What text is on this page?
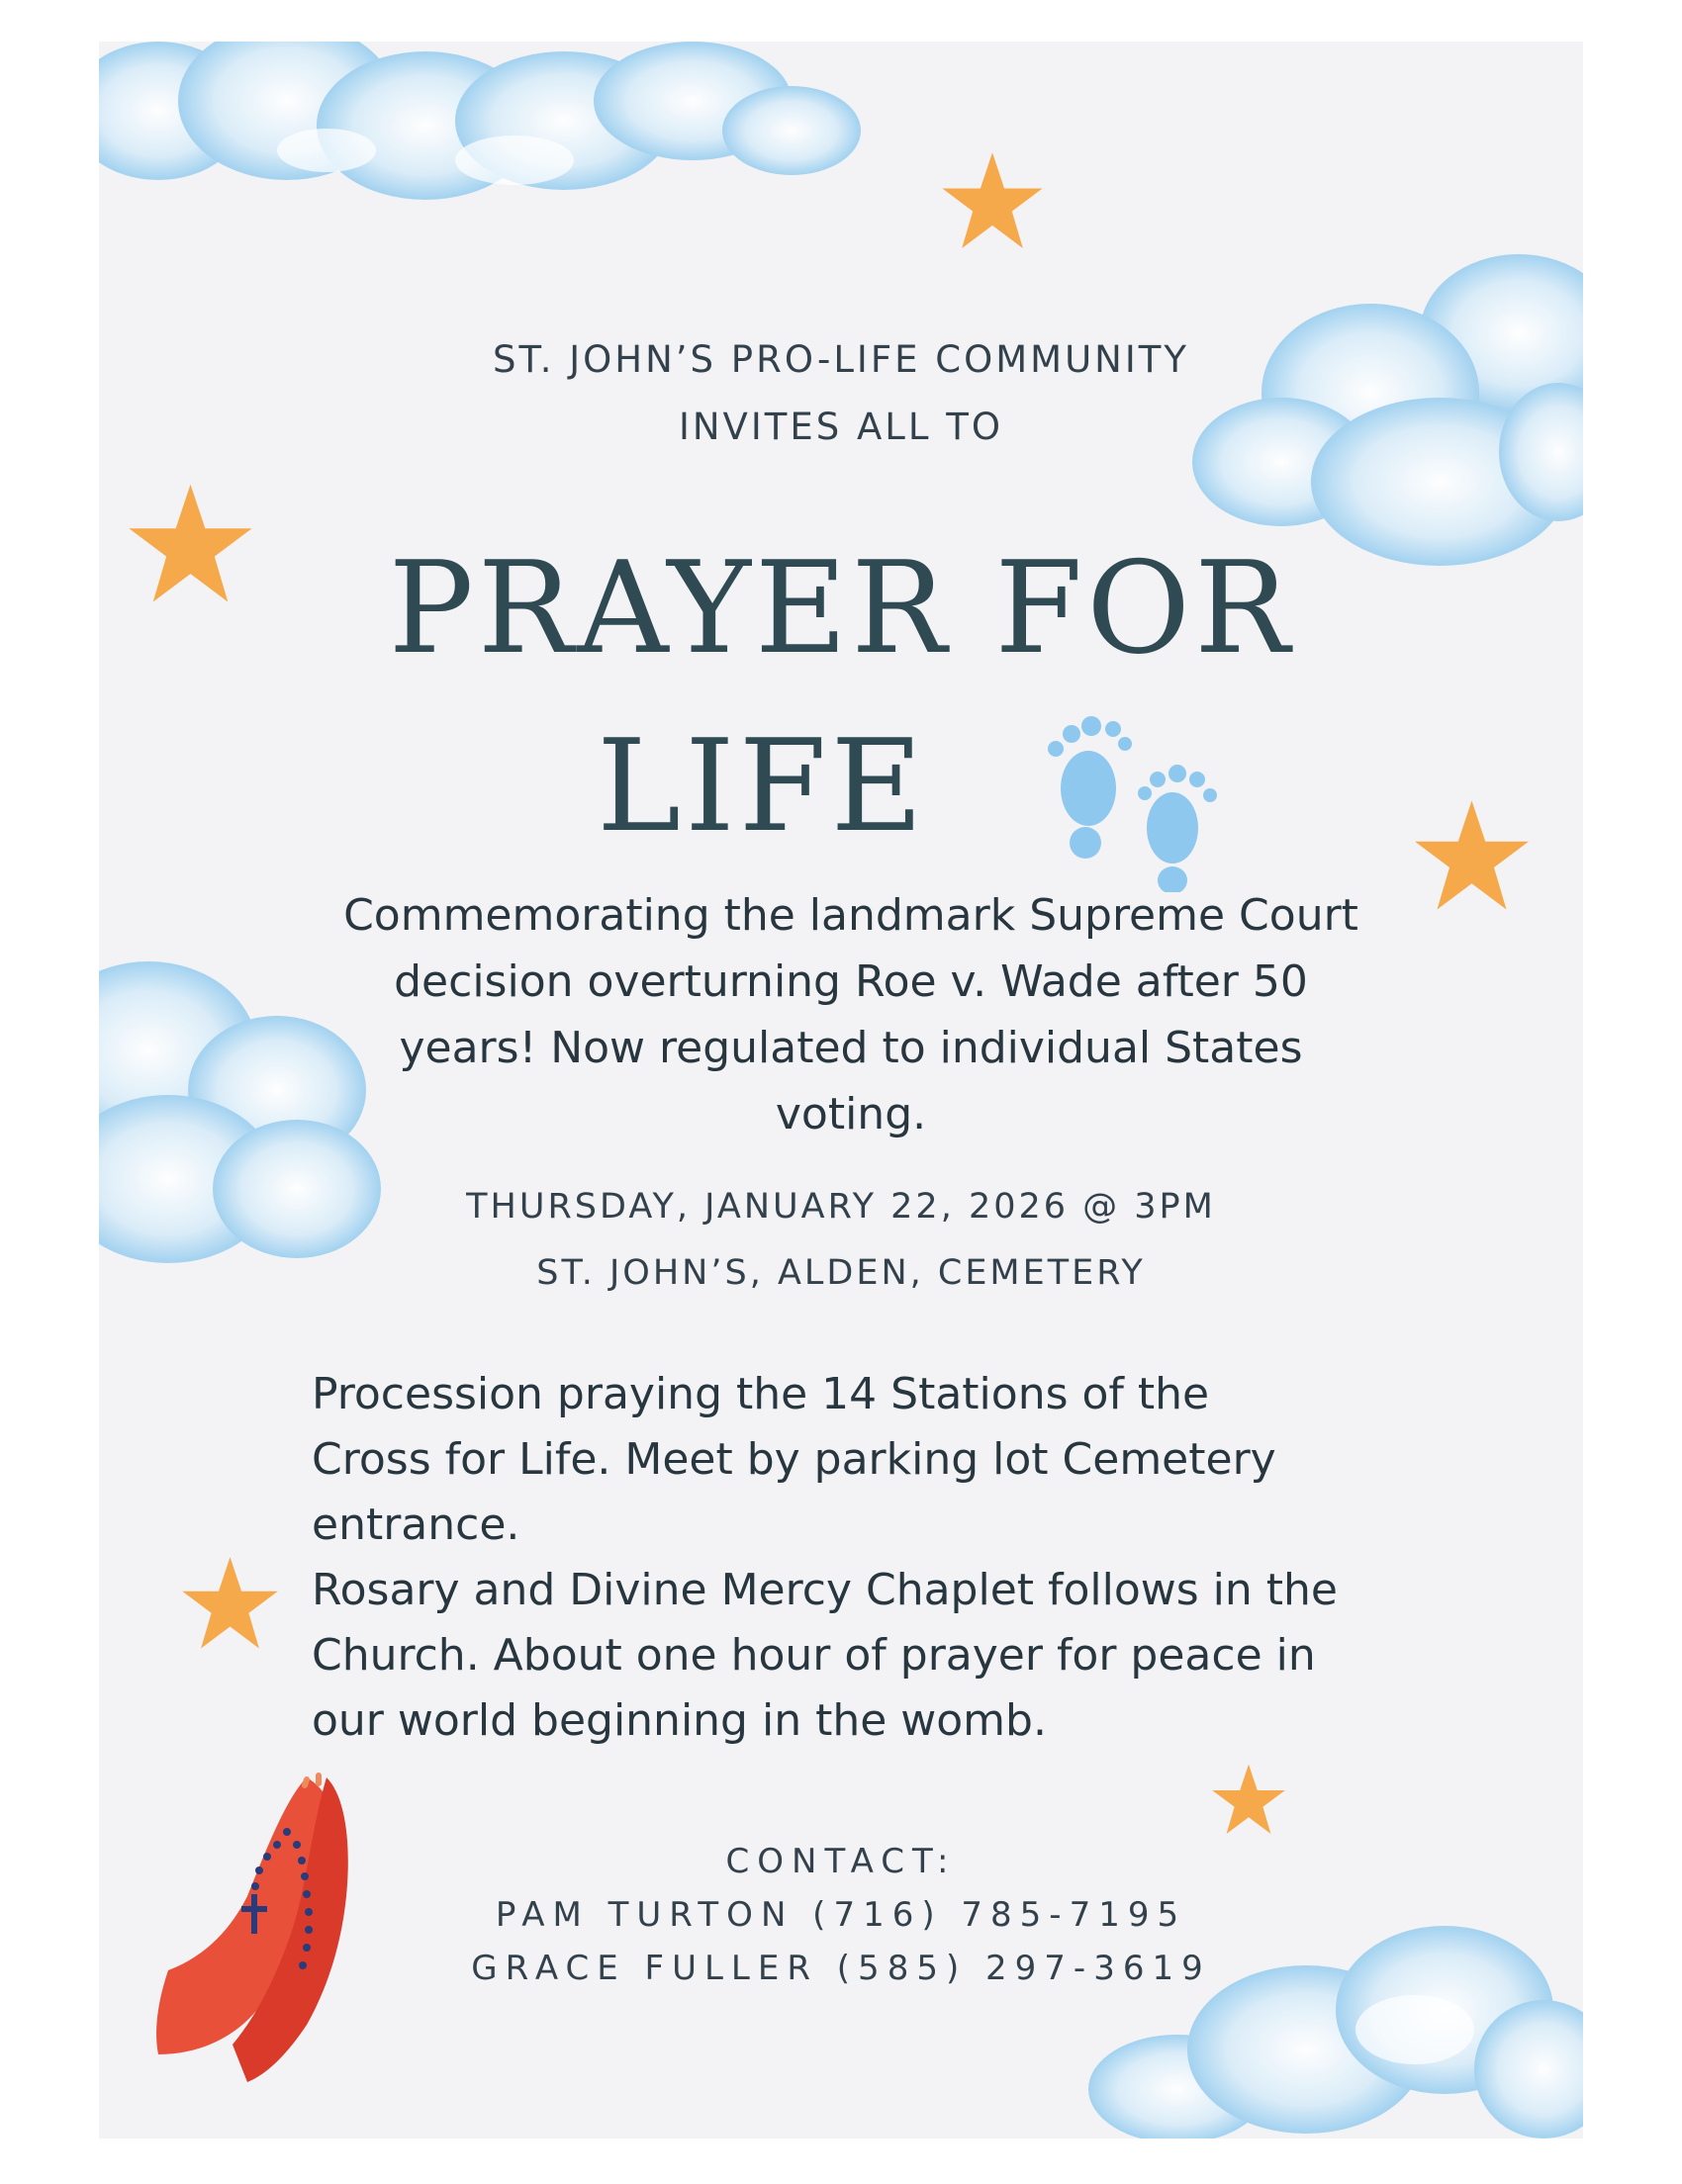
ST. JOHN’S PRO-LIFE COMMUNITY
INVITES ALL TO
PRAYER FOR
LIFE
Commemorating the landmark Supreme Court
decision overturning Roe v. Wade after 50
years! Now regulated to individual States
voting.
THURSDAY, JANUARY 22, 2026 @ 3PM
ST. JOHN’S, ALDEN, CEMETERY

Procession praying the 14 Stations of the

Cross for Life. Meet by parking lot Cemetery

entrance.

Rosary and Divine Mercy Chaplet follows in the

Church. About one hour of prayer for peace in

our world beginning in the womb.

CONTACT:
PAM TURTON (716) 785-7195
GRACE FULLER (585) 297-3619
